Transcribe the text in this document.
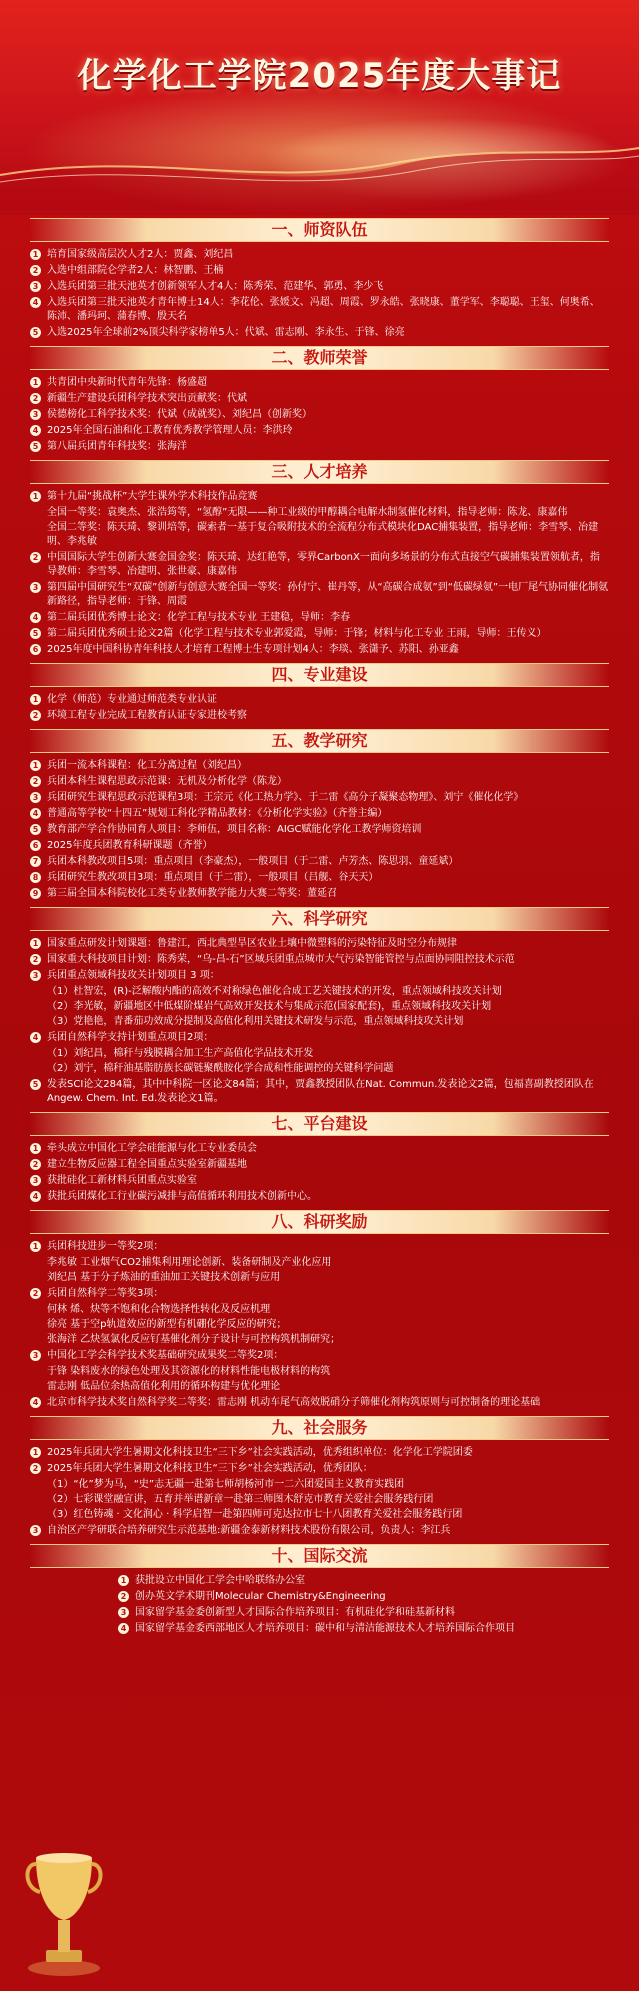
化学化工学院2025年度大事记
一、师资队伍
1 培育国家级高层次人才2人：贾鑫、刘纪昌
2 入选中组部院仑学者2人：林智鹏、王楠
3 入选兵团第三批天池英才创新领军人才4人：陈秀荣、范建华、郭勇、李少飞
4 入选兵团第三批天池英才青年博士14人：李花伦、张媛文、冯超、周霞、罗永皓、张晓康、董学军、李聪聪、王玺、何奥希、陈沛、潘玛珂、蒲春博、殷天名
5 入选2025年全球前2%顶尖科学家榜单5人：代斌、雷志刚、李永生、于锋、徐亮
二、教师荣誉
1 共青团中央新时代青年先锋：杨盛超
2 新疆生产建设兵团科学技术突出贡献奖：代斌
3 侯德榜化工科学技术奖：代斌（成就奖）、刘纪昌（创新奖）
4 2025年全国石油和化工教育优秀教学管理人员：李洪玲
5 第八届兵团青年科技奖：张海洋
三、人才培养
1 第十九届“挑战杯”大学生课外学术科技作品竞赛
全国一等奖：袁奥杰、张浩筠等，“氢醇”无限——种工业级的甲醇耦合电解水制氢催化材料，指导老师：陈龙、康嘉伟
全国二等奖：陈天琦、黎训培等，碳索者一基于复合吸附技术的全流程分布式模块化DAC捕集装置，指导老师：李雪琴、冶建明、李兆敏
2 中国国际大学生创新大赛金国金奖：陈天琦、达红艳等，零界CarbonX一面向多场景的分布式直接空气碳捕集装置领航者，指导教师：李雪琴、冶建明、张世豪、康嘉伟
3 第四届中国研究生“双碳”创新与创意大赛全国一等奖：孙付宁、崔丹等，从“高碳合成氨”到“低碳绿氨”一电厂尾气协同催化制氨新路径，指导老师：于锋、周霞
4 第二届兵团优秀博士论文：化学工程与技术专业 王建稳，导师：李春
5 第二届兵团优秀硕士论文2篇（化学工程与技术专业郭爱霞，导师：于锋；材料与化工专业 王雨，导师：王传义）
6 2025年度中国科协青年科技人才培育工程博士生专项计划4人：李琰、张潇予、苏阳、孙亚鑫
四、专业建设
1 化学（师范）专业通过师范类专业认证
2 环境工程专业完成工程教育认证专家进校考察
五、教学研究
1 兵团一流本科课程：化工分离过程（刘纪昌）
2 兵团本科生课程思政示范课：无机及分析化学（陈龙）
3 兵团研究生课程思政示范课程3项：王宗元《化工热力学》、于二雷《高分子凝聚态物理》、刘宁《催化化学》
4 普通高等学校“十四五”规划工科化学精品教材：《分析化学实验》（齐誉主编）
5 教育部产学合作协同育人项目：李师伍，项目名称：AIGC赋能化学化工教学师资培训
6 2025年度兵团教育科研课题（齐誉）
7 兵团本科教改项目5项：重点项目（李豪杰），一般项目（于二雷、卢芳杰、陈思羽、童延斌）
8 兵团研究生教改项目3项：重点项目（于二雷），一般项目（吕舰、谷天天）
9 第三届全国本科院校化工类专业教师教学能力大赛二等奖：董延召
六、科学研究
1 国家重点研发计划课题：鲁建江，西北典型旱区农业土壤中微塑料的污染特征及时空分布规律
2 国家重大科技项目计划：陈秀荣，“乌-昌-石”区域兵团重点城市大气污染智能管控与点面协同阻控技术示范
3 兵团重点领域科技攻关计划项目 3 项：
（1）杜智宏，(R)-泛解酸内酯的高效不对称绿色催化合成工艺关键技术的开发，重点领域科技攻关计划
（2）李光敏，新疆地区中低煤阶煤岩气高效开发技术与集成示范(国家配套)，重点领域科技攻关计划
（3）党艳艳，青番茄功效成分提制及高值化利用关键技术研发与示范，重点领域科技攻关计划
4 兵团自然科学支持计划重点项目2项：
（1）刘纪昌，棉秆与残膜耦合加工生产高值化学品技术开发
（2）刘宁，棉秆油基脂肪族长碳链聚酰胺化学合成和性能调控的关键科学问题
5 发表SCI论文284篇，其中中科院一区论文84篇；其中，贾鑫教授团队在Nat. Commun.发表论文2篇，包福喜副教授团队在Angew. Chem. Int. Ed.发表论文1篇。
七、平台建设
1 牵头成立中国化工学会硅能源与化工专业委员会
2 建立生物反应器工程全国重点实验室新疆基地
3 获批硅化工新材料兵团重点实验室
4 获批兵团煤化工行业碳污减排与高值循环利用技术创新中心。
八、科研奖励
1 兵团科技进步一等奖2项：
李兆敏 工业烟气CO2捕集利用理论创新、装备研制及产业化应用
刘纪昌 基于分子炼油的重油加工关键技术创新与应用
2 兵团自然科学二等奖3项：
何林 烯、炔等不饱和化合物选择性转化及反应机理
徐亮 基于空p轨道效应的新型有机硼化学反应的研究；
张海洋 乙炔氢氯化反应钌基催化剂分子设计与可控构筑机制研究；
3 中国化工学会科学技术奖基础研究成果奖二等奖2项：
于锋 染料废水的绿色处理及其资源化的材料性能电极材料的构筑
雷志刚 低品位余热高值化利用的循环构建与优化理论
4 北京市科学技术奖自然科学奖二等奖：雷志刚 机动车尾气高效脱硝分子筛催化剂构筑原则与可控制备的理论基础
九、社会服务
1 2025年兵团大学生暑期文化科技卫生“三下乡”社会实践活动，优秀组织单位：化学化工学院团委
2 2025年兵团大学生暑期文化科技卫生“三下乡”社会实践活动，优秀团队：
（1）“化”梦为马，“史”志无疆一赴第七师胡杨河市一二六团爱国主义教育实践团
（2）七彩课堂融宣讲，五育并举谱新章一赴第三师图木舒克市教育关爱社会服务践行团
（3）红色铸魂 · 文化润心 · 科学启智一赴第四师可克达拉市七十八团教育关爱社会服务践行团
3 自治区产学研联合培养研究生示范基地:新疆金泰新材料技术股份有限公司，负责人：李江兵
十、国际交流
1 获批设立中国化工学会中哈联络办公室
2 创办英文学术期刊Molecular Chemistry&Engineering
3 国家留学基金委创新型人才国际合作培养项目：有机硅化学和硅基新材料
4 国家留学基金委西部地区人才培养项目：碳中和与清洁能源技术人才培养国际合作项目
